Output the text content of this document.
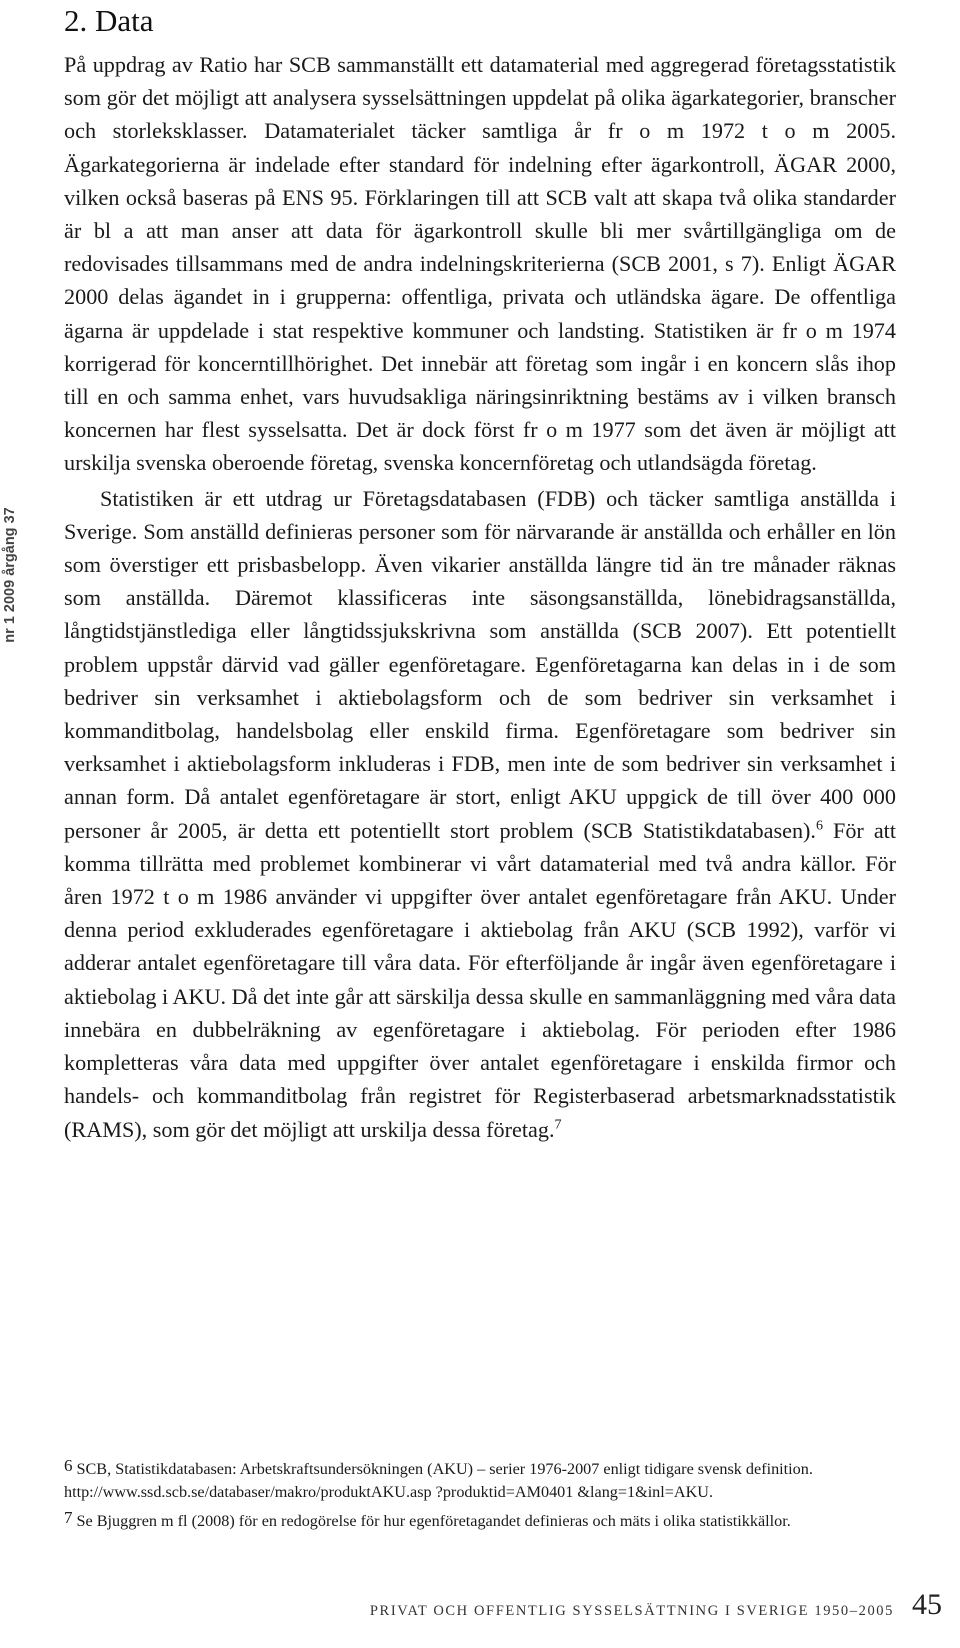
nr 1 2009 årgång 37
2. Data

På uppdrag av Ratio har SCB sammanställt ett datamaterial med aggregerad företagsstatistik som gör det möjligt att analysera sysselsättningen uppdelat på olika ägarkategorier, branscher och storleksklasser. Datamaterialet täcker samtliga år fr o m 1972 t o m 2005. Ägarkategorierna är indelade efter standard för indelning efter ägarkontroll, ÄGAR 2000, vilken också baseras på ENS 95. Förklaringen till att SCB valt att skapa två olika standarder är bl a att man anser att data för ägarkontroll skulle bli mer svårtillgängliga om de redovisades tillsammans med de andra indelningskriterierna (SCB 2001, s 7). Enligt ÄGAR 2000 delas ägandet in i grupperna: offentliga, privata och utländska ägare. De offentliga ägarna är uppdelade i stat respektive kommuner och landsting. Statistiken är fr o m 1974 korrigerad för koncerntillhörighet. Det innebär att företag som ingår i en koncern slås ihop till en och samma enhet, vars huvudsakliga näringsinriktning bestäms av i vilken bransch koncernen har flest sysselsatta. Det är dock först fr o m 1977 som det även är möjligt att urskilja svenska oberoende företag, svenska koncernföretag och utlandsägda företag.

Statistiken är ett utdrag ur Företagsdatabasen (FDB) och täcker samtliga anställda i Sverige. Som anställd definieras personer som för närvarande är anställda och erhåller en lön som överstiger ett prisbasbelopp. Även vikarier anställda längre tid än tre månader räknas som anställda. Däremot klassificeras inte säsongsanställda, lönebidragsanställda, långtidstjänstlediga eller långtidssjukskrivna som anställda (SCB 2007). Ett potentiellt problem uppstår därvid vad gäller egenföretagare. Egenföretagarna kan delas in i de som bedriver sin verksamhet i aktiebolagsform och de som bedriver sin verksamhet i kommanditbolag, handelsbolag eller enskild firma. Egenföretagare som bedriver sin verksamhet i aktiebolagsform inkluderas i FDB, men inte de som bedriver sin verksamhet i annan form. Då antalet egenföretagare är stort, enligt AKU uppgick de till över 400 000 personer år 2005, är detta ett potentiellt stort problem (SCB Statistikdatabasen).$^6$ För att komma tillrätta med problemet kombinerar vi vårt datamaterial med två andra källor. För åren 1972 t o m 1986 använder vi uppgifter över antalet egenföretagare från AKU. Under denna period exkluderades egenföretagare i aktiebolag från AKU (SCB 1992), varför vi adderar antalet egenföretagare till våra data. För efterföljande år ingår även egenföretagare i aktiebolag i AKU. Då det inte går att särskilja dessa skulle en sammanläggning med våra data innebära en dubbelräkning av egenföretagare i aktiebolag. För perioden efter 1986 kompletteras våra data med uppgifter över antalet egenföretagare i enskilda firmor och handels- och kommanditbolag från registret för Registerbaserad arbetsmarknadsstatistik (RAMS), som gör det möjligt att urskilja dessa företag.$^7$

6 SCB, Statistikdatabasen: Arbetskraftsundersökningen (AKU) – serier 1976-2007 enligt tidigare svensk definition. http://www.ssd.scb.se/databaser/makro/produktAKU.asp ?produktid=AM0401 &lang=1&inl=AKU.

7 Se Bjuggren m fl (2008) för en redogörelse för hur egenföretagandet definieras och mäts i olika statistikkällor.

PRIVAT OCH OFFENTLIG SYSSELSÄTTNING I SVERIGE 1950–2005 45
